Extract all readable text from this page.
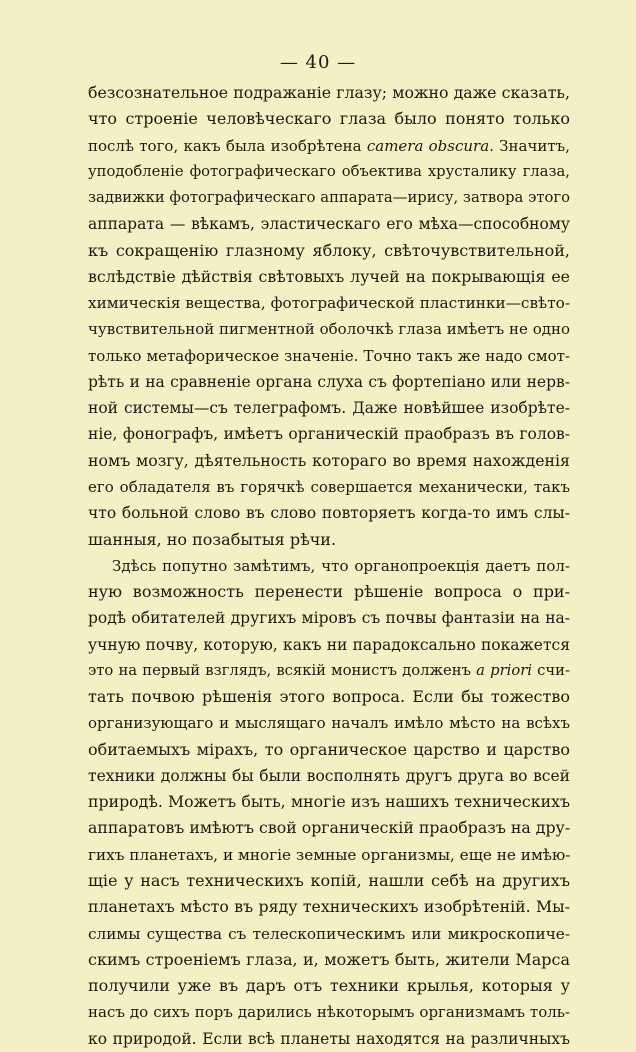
— 40 —
безсознательное подражаніе глазу; можно даже сказать,
что строеніе человѣческаго глаза было понято только
послѣ того, какъ была изобрѣтена camera obscura. Значитъ,
уподобленіе фотографическаго объектива хрусталику глаза,
задвижки фотографическаго аппарата—ирису, затвора этого
аппарата — вѣкамъ, эластическаго его мѣха—способному
къ сокращенію глазному яблоку, свѣточувствительной,
вслѣдствіе дѣйствія свѣтовыхъ лучей на покрывающія ее
химическія вещества, фотографической пластинки—свѣто-
чувствительной пигментной оболочкѣ глаза имѣетъ не одно
только метафорическое значеніе. Точно такъ же надо смот-
рѣть и на сравненіе органа слуха съ фортепіано или нерв-
ной системы—съ телеграфомъ. Даже новѣйшее изобрѣте-
ніе, фонографъ, имѣетъ органическій праобразъ въ голов-
номъ мозгу, дѣятельность котораго во время нахожденія
его обладателя въ горячкѣ совершается механически, такъ
что больной слово въ слово повторяетъ когда-то имъ слы-
шанныя, но позабытыя рѣчи.
Здѣсь попутно замѣтимъ, что органопроекція даетъ пол-
ную возможность перенести рѣшеніе вопроса о при-
родѣ обитателей другихъ міровъ съ почвы фантазіи на на-
учную почву, которую, какъ ни парадоксально покажется
это на первый взглядъ, всякій монистъ долженъ a priori счи-
тать почвою рѣшенія этого вопроса. Если бы тожество
организующаго и мыслящаго началъ имѣло мѣсто на всѣхъ
обитаемыхъ мірахъ, то органическое царство и царство
техники должны бы были восполнять другъ друга во всей
природѣ. Можетъ быть, многіе изъ нашихъ техническихъ
аппаратовъ имѣютъ свой органическій праобразъ на дру-
гихъ планетахъ, и многіе земные организмы, еще не имѣю-
щіе у насъ техническихъ копій, нашли себѣ на другихъ
планетахъ мѣсто въ ряду техническихъ изобрѣтеній. Мы-
слимы существа съ телескопическимъ или микроскопиче-
скимъ строеніемъ глаза, и, можетъ быть, жители Марса
получили уже въ даръ отъ техники крылья, которыя у
насъ до сихъ поръ дарились нѣкоторымъ организмамъ толь-
ко природой. Если всѣ планеты находятся на различныхъ
